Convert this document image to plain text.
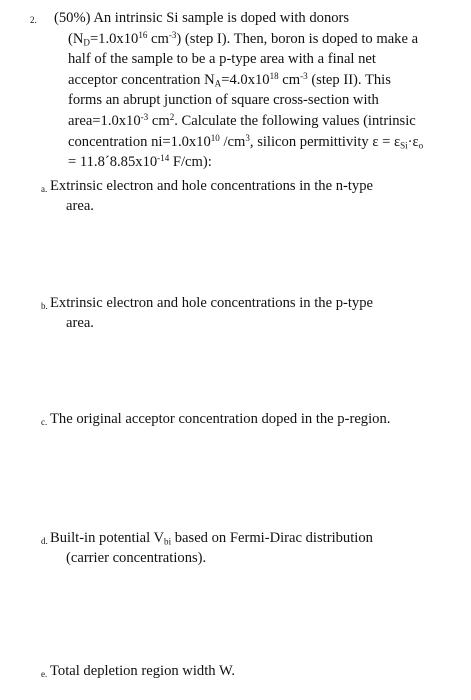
2. (50%) An intrinsic Si sample is doped with donors
($N_D=1.0x10^{16}$ $cm^{-3}$) (step I). Then, boron is doped to make a
half of the sample to be a p-type area with a final net
acceptor concentration $N_A=4.0x10^{18}$ $cm^{-3}$ (step II). This
forms an abrupt junction of square cross-section with
$area=1.0x10^{-3}$ $cm^2$. Calculate the following values (intrinsic
concentration $ni=1.0x10^{10}$ $/cm^3$, silicon permittivity $\varepsilon = \varepsilon_{Si}\cdot\varepsilon_o$
= $11.8´8.85x10^{-14}$ F/cm):
a. Extrinsic electron and hole concentrations in the n-type
area.
b. Extrinsic electron and hole concentrations in the p-type
area.
c. The original acceptor concentration doped in the p-region.
d. Built-in potential $V_{bi}$ based on Fermi-Dirac distribution
(carrier concentrations).
e. Total depletion region width W.
